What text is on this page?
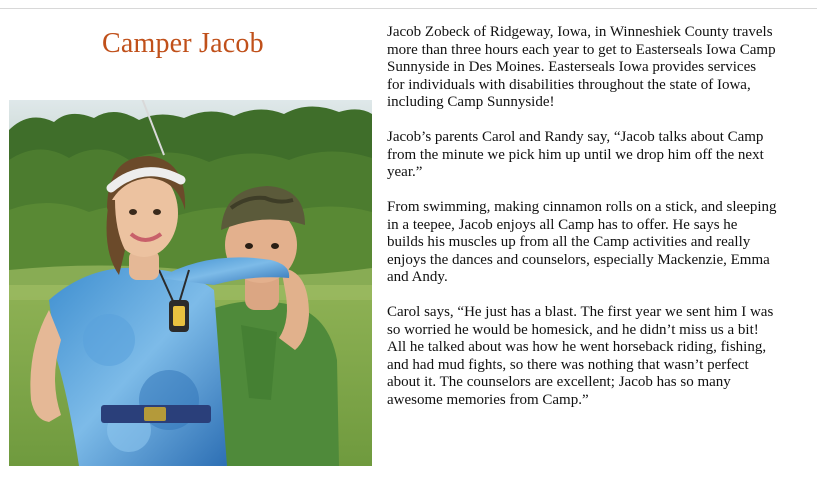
Camper Jacob	Jacob Zobeck of Ridgeway, Iowa, in Winneshiek County travels more than three hours each year to get to Easterseals Iowa Camp Sunnyside in Des Moines. Easterseals Iowa provides services for individuals with disabilities throughout the state of Iowa, including Camp Sunnyside!

Jacob’s parents Carol and Randy say, “Jacob talks about Camp from the minute we pick him up until we drop him off the next year.”

From swimming, making cinnamon rolls on a stick, and sleeping in a teepee, Jacob enjoys all Camp has to offer. He says he builds his muscles up from all the Camp activities and really enjoys the dances and counselors, especially Mackenzie, Emma and Andy.

Carol says, “He just has a blast. The first year we sent him I was so worried he would be homesick, and he didn’t miss us a bit! All he talked about was how he went horseback riding, fishing, and had mud fights, so there was nothing that wasn’t perfect about it. The counselors are excellent; Jacob has so many awesome memories from Camp.”
